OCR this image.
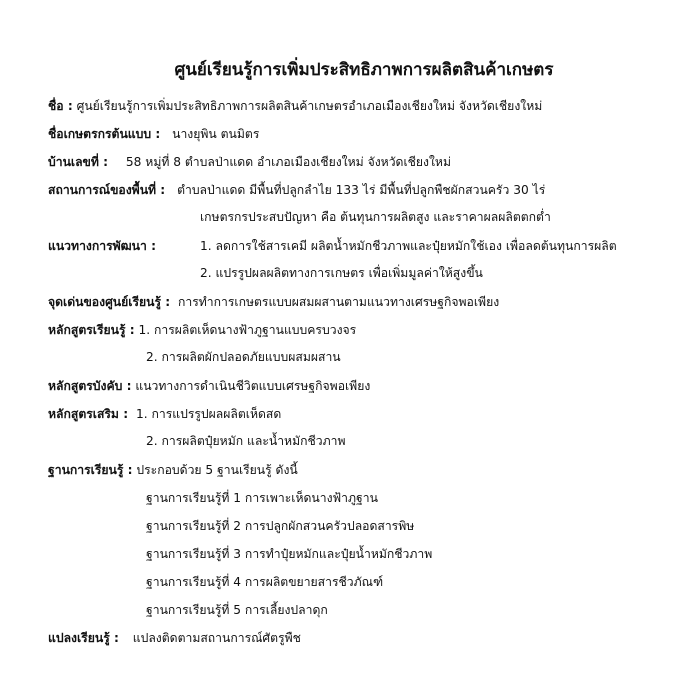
ศูนย์เรียนรู้การเพิ่มประสิทธิภาพการผลิตสินค้าเกษตร
ชื่อ : ศูนย์เรียนรู้การเพิ่มประสิทธิภาพการผลิตสินค้าเกษตรอำเภอเมืองเชียงใหม่ จังหวัดเชียงใหม่
ชื่อเกษตรกรต้นแบบ : นางยุพิน ตนมิตร
บ้านเลขที่ : 58 หมู่ที่ 8 ตำบลป่าแดด อำเภอเมืองเชียงใหม่ จังหวัดเชียงใหม่
สถานการณ์ของพื้นที่ : ตำบลป่าแดด มีพื้นที่ปลูกลำไย 133 ไร่ มีพื้นที่ปลูกพืชผักสวนครัว 30 ไร่
เกษตรกรประสบปัญหา คือ ต้นทุนการผลิตสูง และราคาผลผลิตตกต่ำ
แนวทางการพัฒนา :	1. ลดการใช้สารเคมี ผลิตน้ำหมักชีวภาพและปุ๋ยหมักใช้เอง เพื่อลดต้นทุนการผลิต
2. แปรรูปผลผลิตทางการเกษตร เพื่อเพิ่มมูลค่าให้สูงขึ้น
จุดเด่นของศูนย์เรียนรู้ : การทำการเกษตรแบบผสมผสานตามแนวทางเศรษฐกิจพอเพียง
หลักสูตรเรียนรู้ : 1. การผลิตเห็ดนางฟ้าภูฐานแบบครบวงจร
2. การผลิตผักปลอดภัยแบบผสมผสาน
หลักสูตรบังคับ : แนวทางการดำเนินชีวิตแบบเศรษฐกิจพอเพียง
หลักสูตรเสริม : 1. การแปรรูปผลผลิตเห็ดสด
2. การผลิตปุ๋ยหมัก และน้ำหมักชีวภาพ
ฐานการเรียนรู้ : ประกอบด้วย 5 ฐานเรียนรู้ ดังนี้
ฐานการเรียนรู้ที่ 1 การเพาะเห็ดนางฟ้าภูฐาน
ฐานการเรียนรู้ที่ 2 การปลูกผักสวนครัวปลอดสารพิษ
ฐานการเรียนรู้ที่ 3 การทำปุ๋ยหมักและปุ๋ยน้ำหมักชีวภาพ
ฐานการเรียนรู้ที่ 4 การผลิตขยายสารชีวภัณฑ์
ฐานการเรียนรู้ที่ 5 การเลี้ยงปลาดุก
แปลงเรียนรู้ : แปลงติดตามสถานการณ์ศัตรูพืช
